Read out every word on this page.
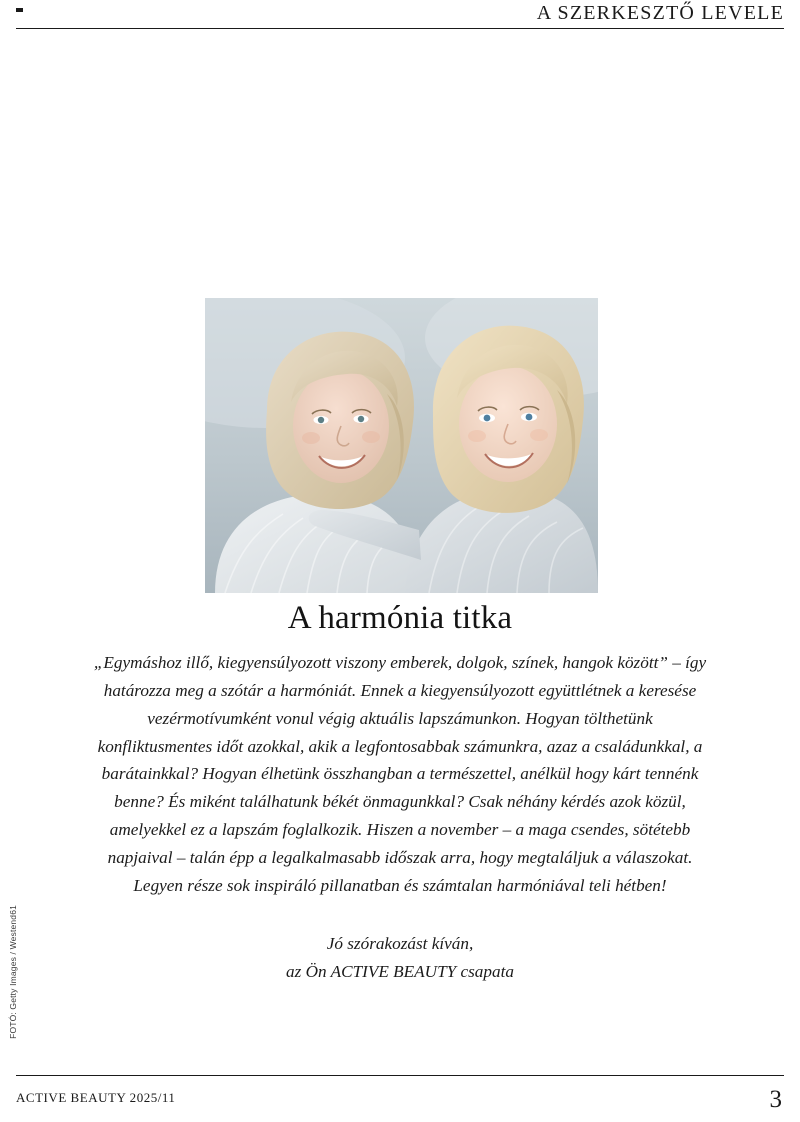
A SZERKESZTŐ LEVELE
FOTÓ: Getty Images / Westend61
A harmónia titka

„Egymáshoz illő, kiegyensúlyozott viszony emberek, dolgok, színek, hangok között” – így határozza meg a szótár a harmóniát. Ennek a kiegyensúlyozott együttlétnek a keresése vezérmotívumként vonul végig aktuális lapszámunkon. Hogyan tölthetünk konfliktusmentes időt azokkal, akik a legfontosabbak számunkra, azaz a családunkkal, a barátainkkal? Hogyan élhetünk összhangban a természettel, anélkül hogy kárt tennénk benne? És miként találhatunk békét önmagunkkal? Csak néhány kérdés azok közül, amelyekkel ez a lapszám foglalkozik. Hiszen a november – a maga csendes, sötétebb napjaival – talán épp a legalkalmasabb időszak arra, hogy megtaláljuk a válaszokat. Legyen része sok inspiráló pillanatban és számtalan harmóniával teli hétben!

Jó szórakozást kíván,
az Ön ACTIVE BEAUTY csapata
ACTIVE BEAUTY 2025/11	3
